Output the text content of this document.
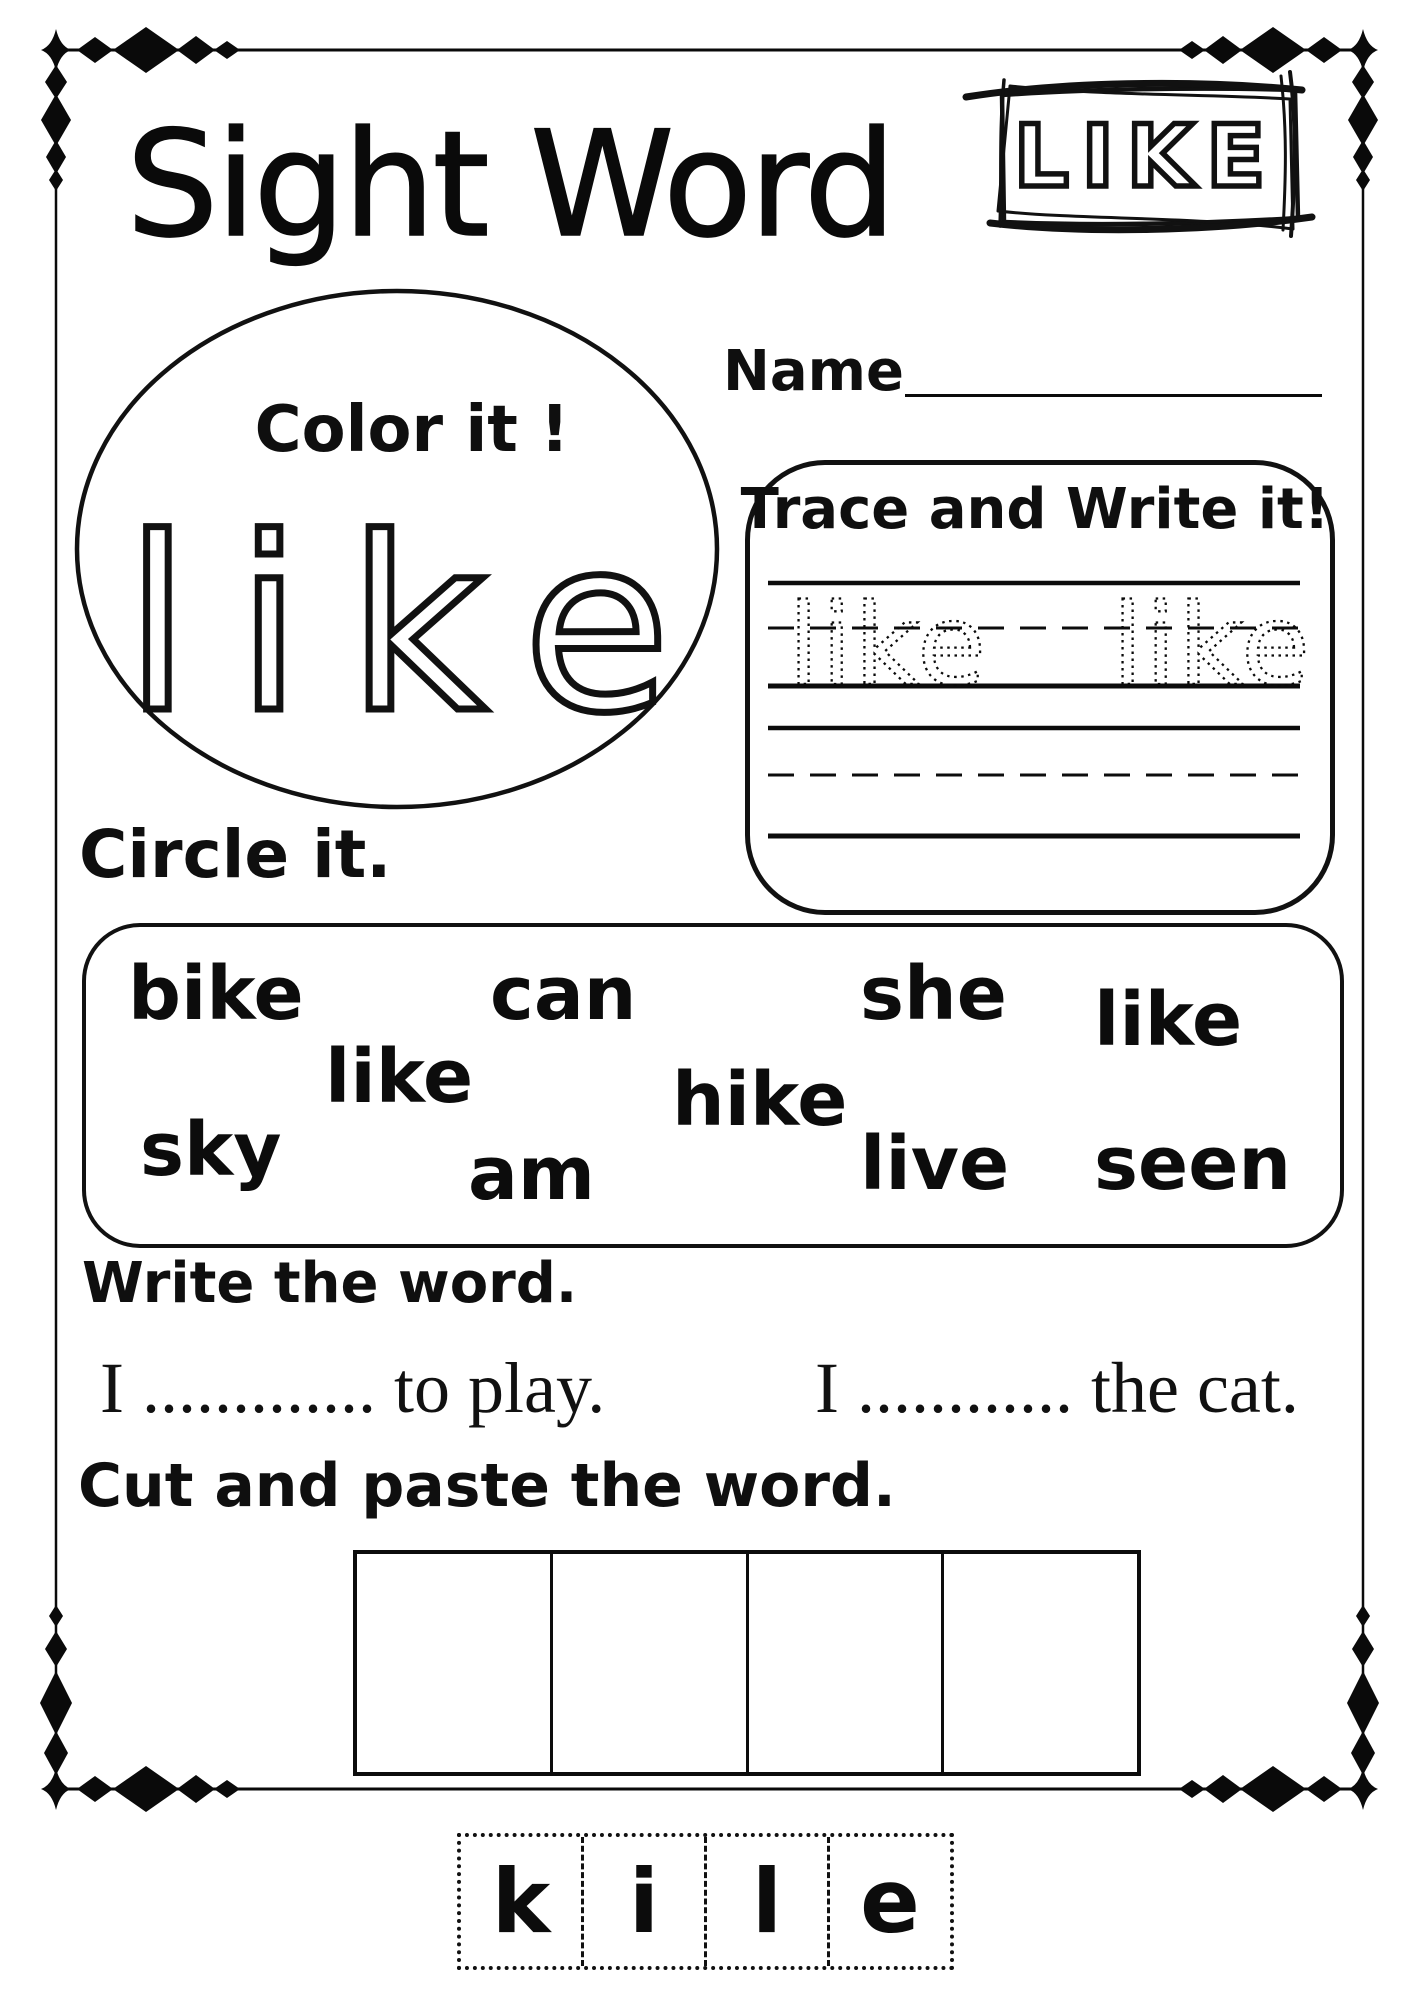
like like
Sight Word LIKE
Name
Color it !
like Trace and Write it!
Circle it.
bike	can	she like
like	hike
sky	am	live seen
Write the word.
I ............. to play.	I ............ the cat.
Cut and paste the word.
k i	l e
